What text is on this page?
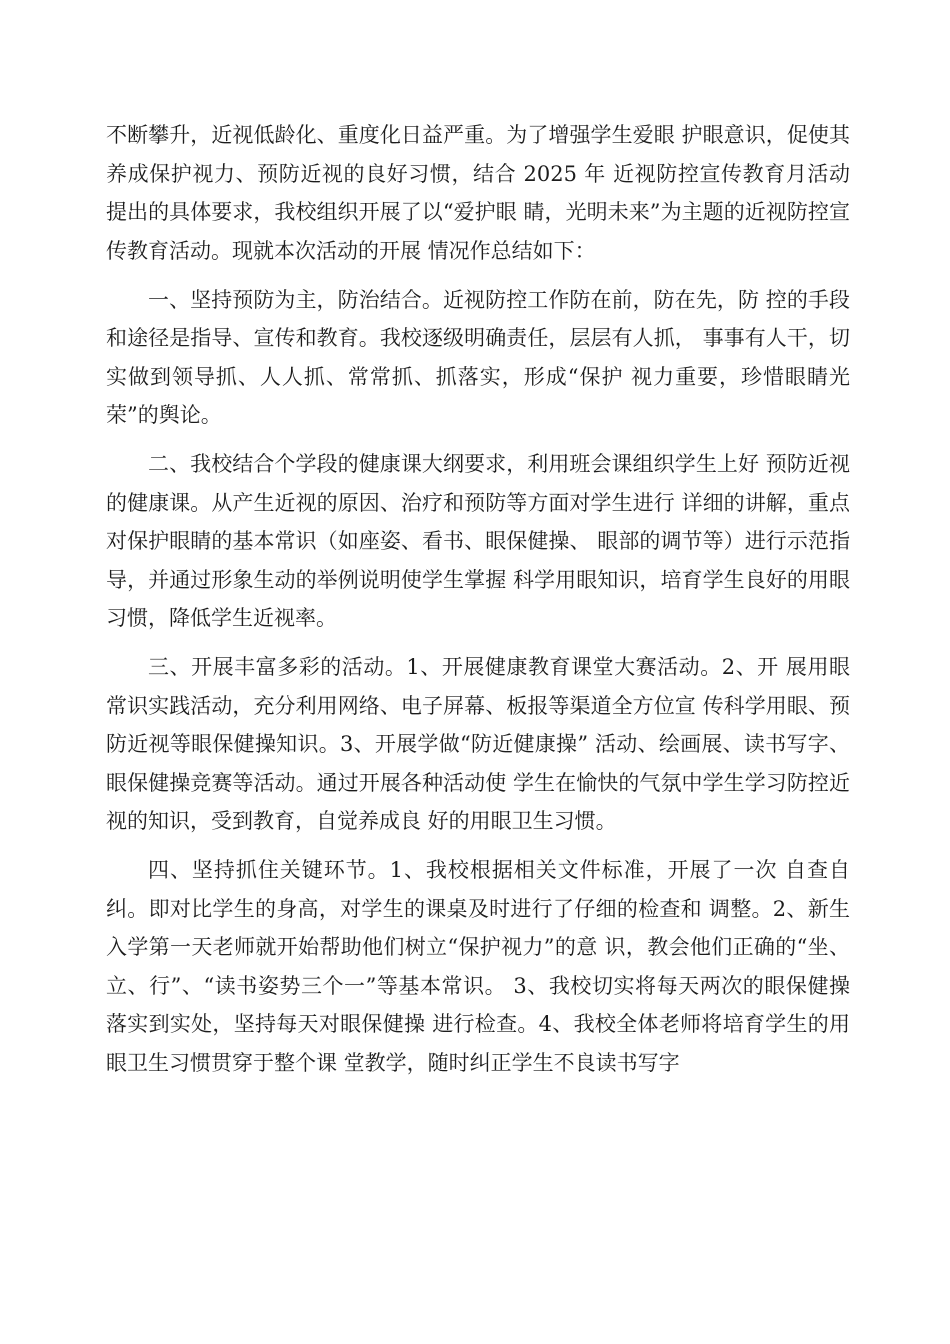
不断攀升，近视低龄化、重度化日益严重。为了增强学生爱眼 护眼意识，促使其养成保护视力、预防近视的良好习惯，结合 2025 年 近视防控宣传教育月活动提出的具体要求，我校组织开展了以“爱护眼 睛，光明未来”为主题的近视防控宣传教育活动。现就本次活动的开展 情况作总结如下：

一、坚持预防为主，防治结合。近视防控工作防在前，防在先，防 控的手段和途径是指导、宣传和教育。我校逐级明确责任，层层有人抓， 事事有人干，切实做到领导抓、人人抓、常常抓、抓落实，形成“保护 视力重要，珍惜眼睛光荣”的舆论。

二、我校结合个学段的健康课大纲要求，利用班会课组织学生上好 预防近视的健康课。从产生近视的原因、治疗和预防等方面对学生进行 详细的讲解，重点对保护眼睛的基本常识（如座姿、看书、眼保健操、 眼部的调节等）进行示范指导，并通过形象生动的举例说明使学生掌握 科学用眼知识，培育学生良好的用眼习惯，降低学生近视率。

三、开展丰富多彩的活动。1、开展健康教育课堂大赛活动。2、开 展用眼常识实践活动，充分利用网络、电子屏幕、板报等渠道全方位宣 传科学用眼、预防近视等眼保健操知识。3、开展学做“防近健康操” 活动、绘画展、读书写字、眼保健操竞赛等活动。通过开展各种活动使 学生在愉快的气氛中学生学习防控近视的知识，受到教育，自觉养成良 好的用眼卫生习惯。

四、坚持抓住关键环节。1、我校根据相关文件标准，开展了一次 自查自纠。即对比学生的身高，对学生的课桌及时进行了仔细的检查和 调整。2、新生入学第一天老师就开始帮助他们树立“保护视力”的意 识，教会他们正确的“坐、立、行”、“读书姿势三个一”等基本常识。 3、我校切实将每天两次的眼保健操落实到实处，坚持每天对眼保健操 进行检查。4、我校全体老师将培育学生的用眼卫生习惯贯穿于整个课 堂教学，随时纠正学生不良读书写字
